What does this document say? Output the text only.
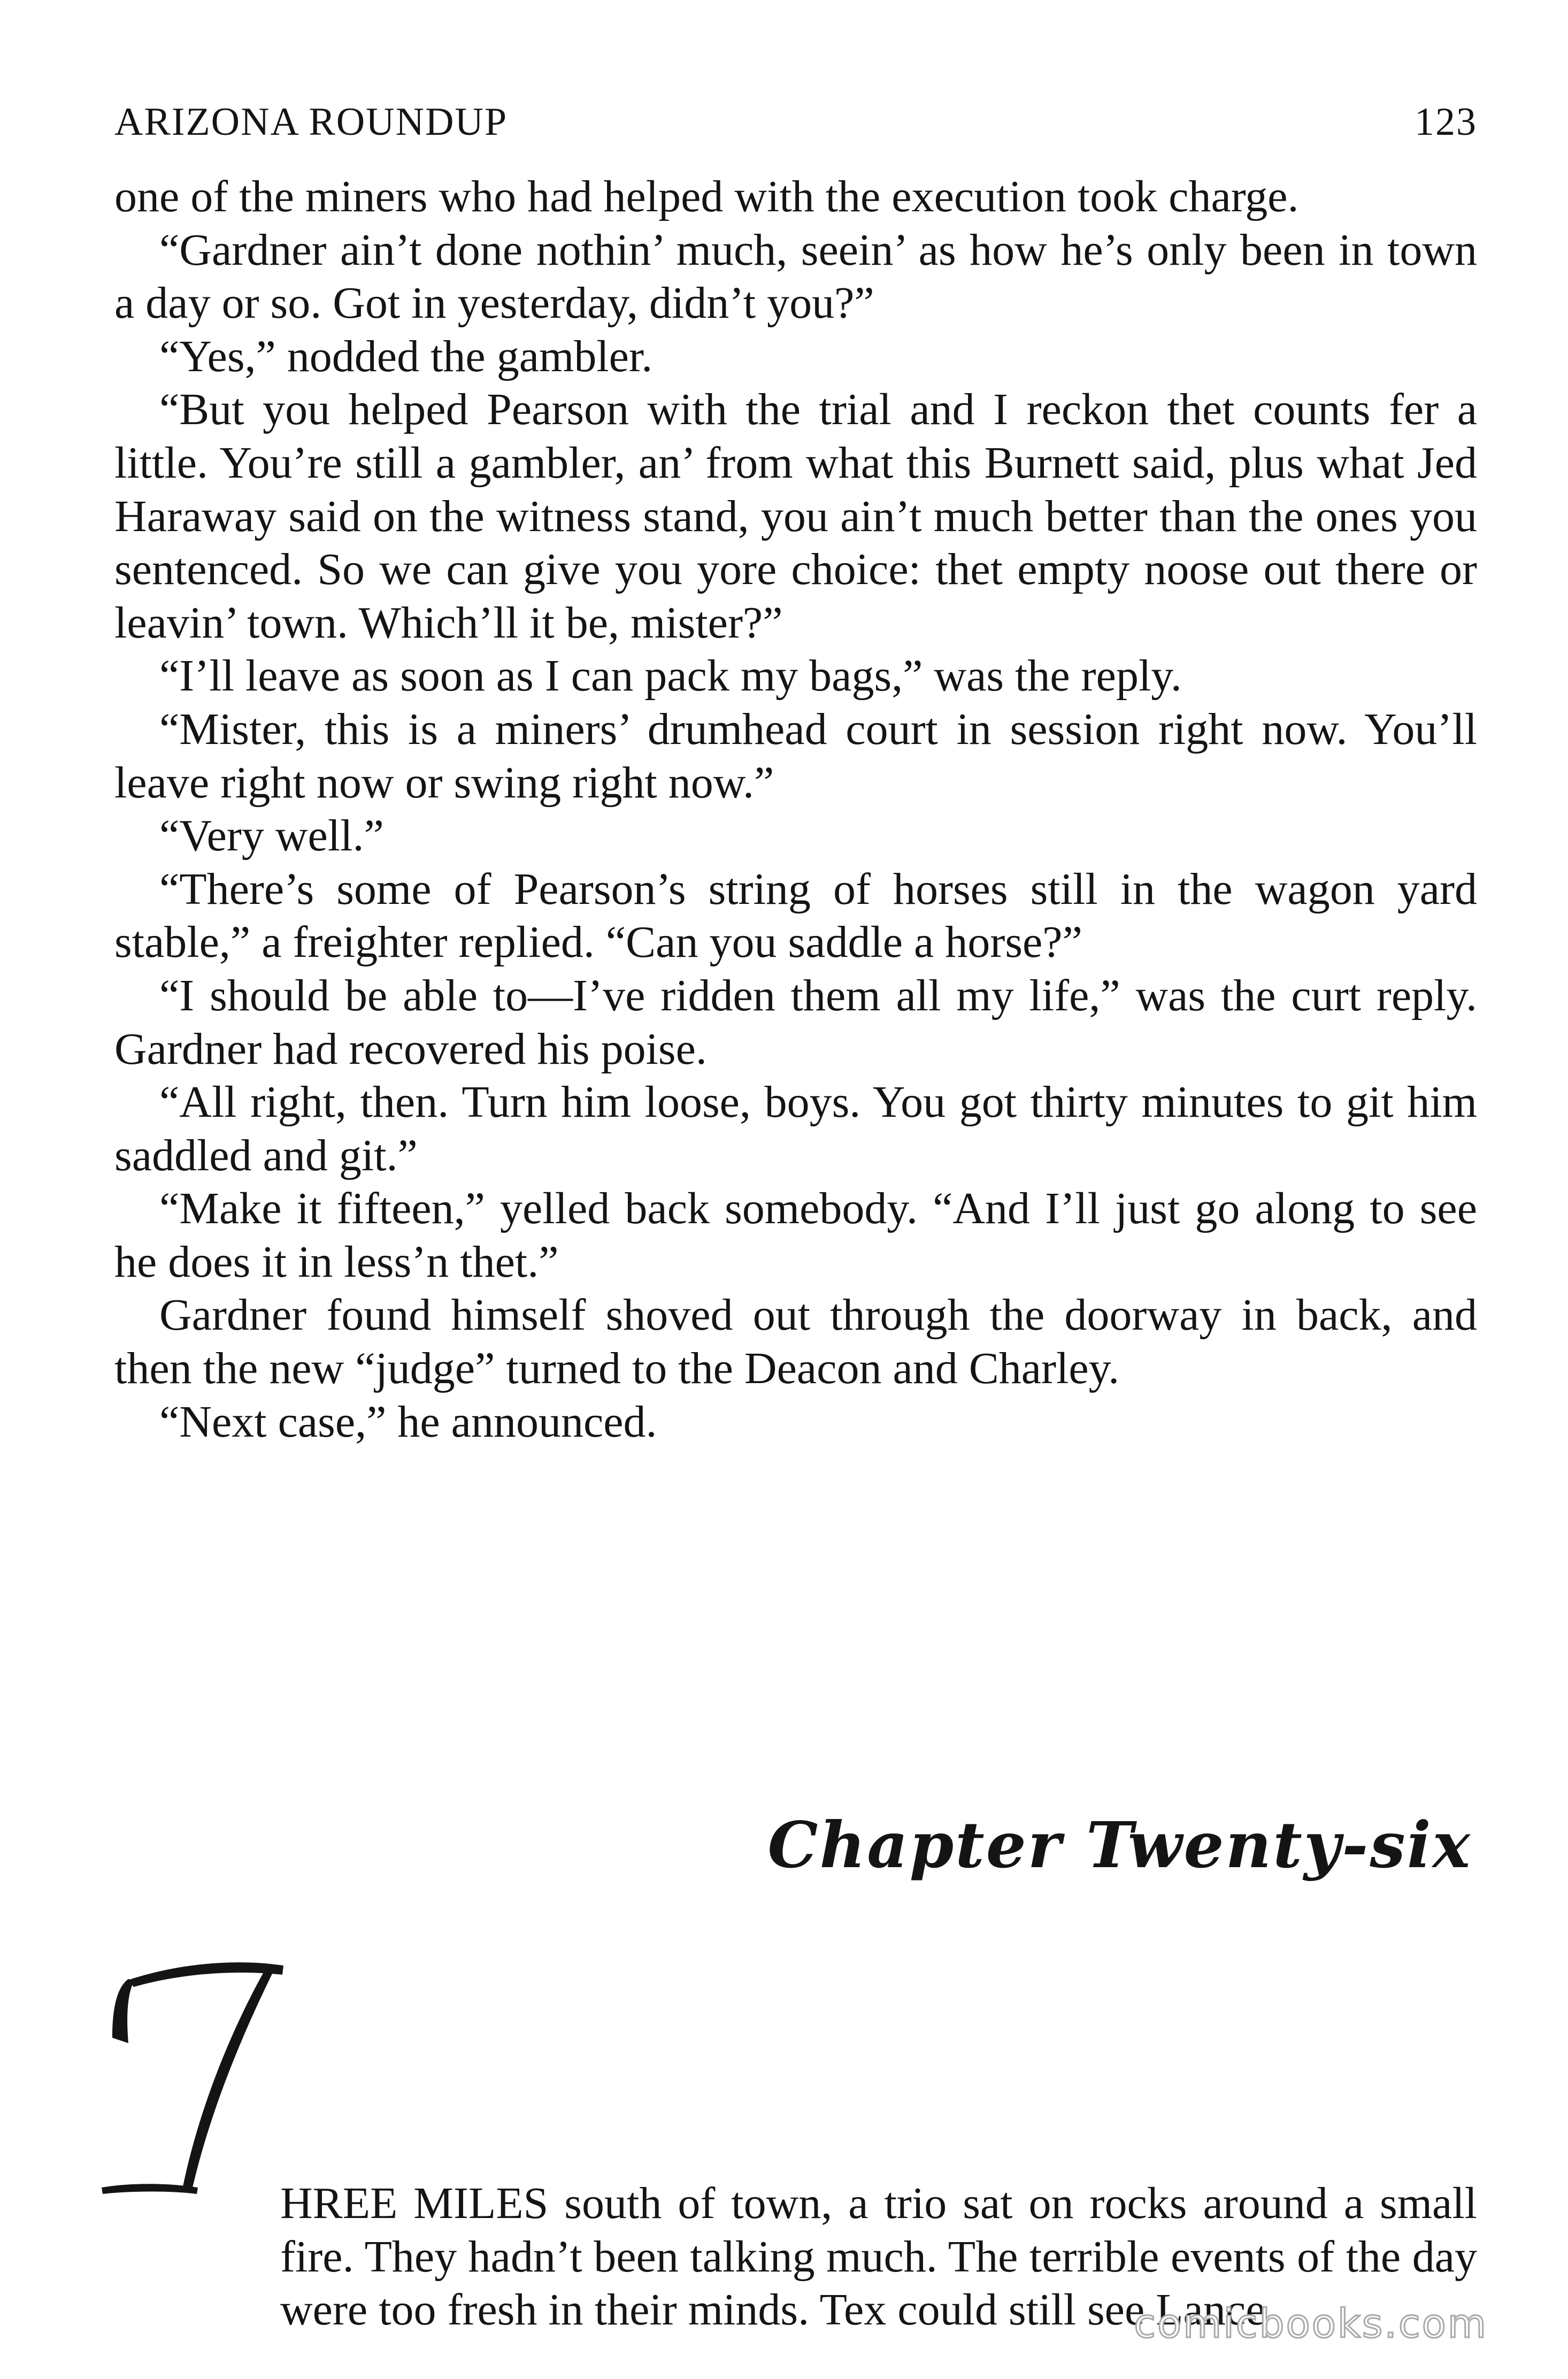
ARIZONA ROUNDUP	123

one of the miners who had helped with the execution took charge.

“Gardner ain’t done nothin’ much, seein’ as how he’s only been in town a day or so. Got in yesterday, didn’t you?”

“Yes,” nodded the gambler.

“But you helped Pearson with the trial and I reckon thet counts fer a little. You’re still a gambler, an’ from what this Burnett said, plus what Jed Haraway said on the witness stand, you ain’t much better than the ones you sentenced. So we can give you yore choice: thet empty noose out there or leavin’ town. Which’ll it be, mister?”

“I’ll leave as soon as I can pack my bags,” was the reply.

“Mister, this is a miners’ drumhead court in session right now. You’ll leave right now or swing right now.”

“Very well.”

“There’s some of Pearson’s string of horses still in the wagon yard stable,” a freighter replied. “Can you saddle a horse?”

“I should be able to—I’ve ridden them all my life,” was the curt reply. Gardner had recovered his poise.

“All right, then. Turn him loose, boys. You got thirty minutes to git him saddled and git.”

“Make it fifteen,” yelled back somebody. “And I’ll just go along to see he does it in less’n thet.”

Gardner found himself shoved out through the doorway in back, and then the new “judge” turned to the Deacon and Charley.

“Next case,” he announced.

Chapter Twenty-six

HREE MILES south of town, a trio sat on rocks around a small fire. They hadn’t been talking much. The terrible events of the day were too fresh in their minds. Tex could still see Lance

comicbooks.com
